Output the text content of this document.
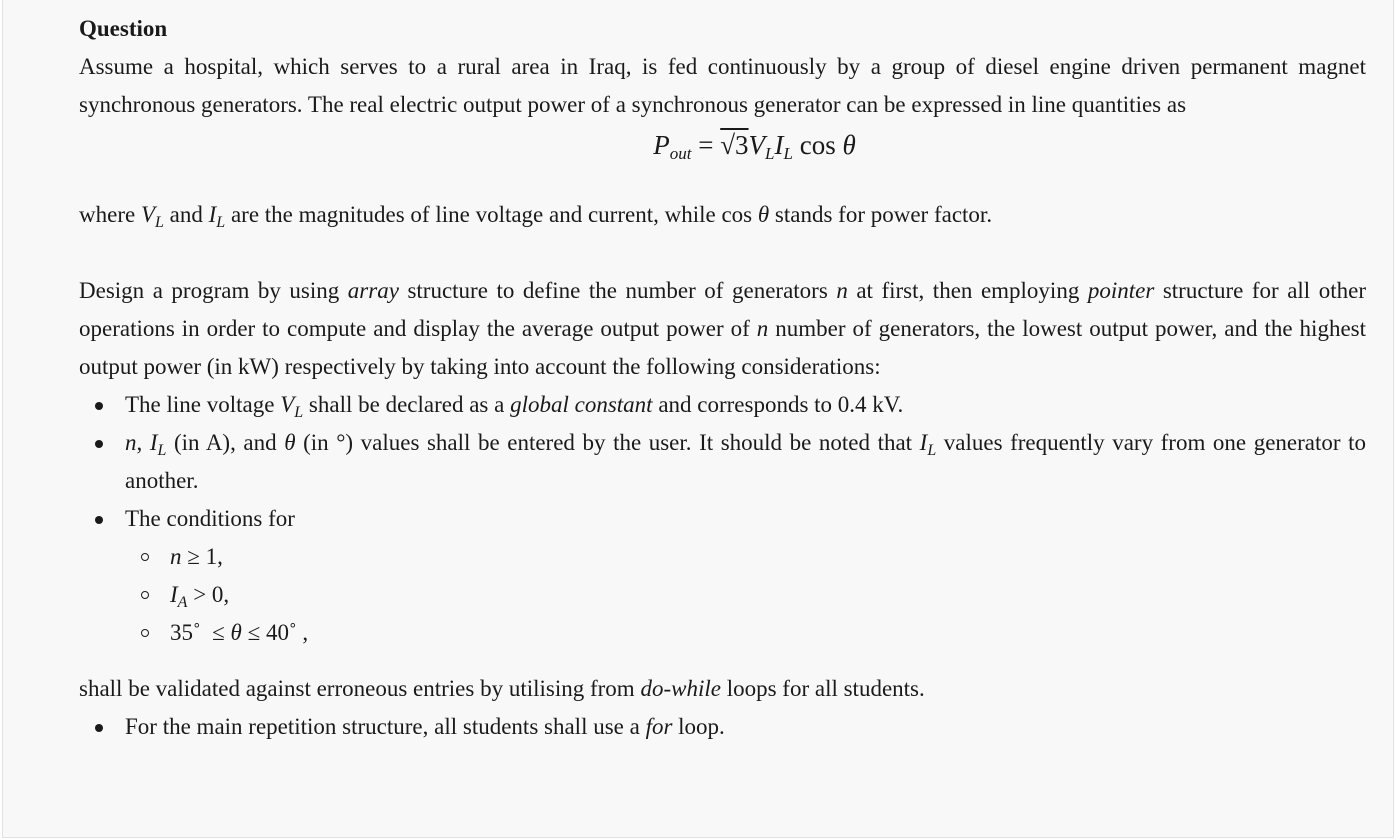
Question

Assume a hospital, which serves to a rural area in Iraq, is fed continuously by a group of diesel engine driven permanent magnet synchronous generators. The real electric output power of a synchronous generator can be expressed in line quantities as

$P_{out} = √3V_LI_L$ cos θ

where $V_L$ and $I_L$ are the magnitudes of line voltage and current, while cos θ stands for power factor.

Design a program by using array structure to define the number of generators n at first, then employing pointer structure for all other operations in order to compute and display the average output power of n number of generators, the lowest output power, and the highest output power (in kW) respectively by taking into account the following considerations:

The line voltage $V_L$ shall be declared as a global constant and corresponds to 0.4 kV.
n, $I_L$ (in A), and θ (in °) values shall be entered by the user. It should be noted that $I_L$ values frequently vary from one generator to another.
The conditions for
n ≥ 1,
$I_A > 0$,
35˚  ≤ θ ≤ 40˚ ,

shall be validated against erroneous entries by utilising from do-while loops for all students.

For the main repetition structure, all students shall use a for loop.
